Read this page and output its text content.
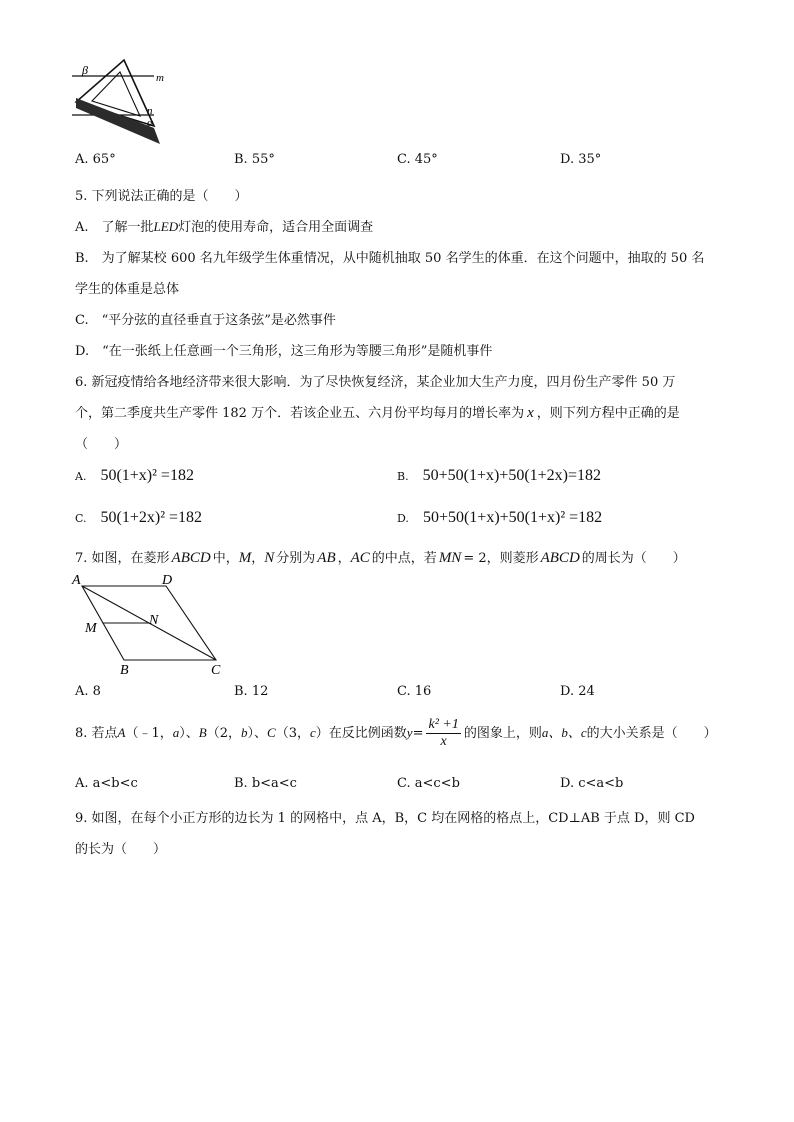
β
m
n
α
A. 65°	B. 55°	C. 45°	D. 35°
5. 下列说法正确的是（　　）
A.　了解一批LED灯泡的使用寿命，适合用全面调查
B.　为了解某校 600 名九年级学生体重情况，从中随机抽取 50 名学生的体重．在这个问题中，抽取的 50 名
学生的体重是总体
C.　“平分弦的直径垂直于这条弦”是必然事件
D.　“在一张纸上任意画一个三角形，这三角形为等腰三角形”是随机事件
6. 新冠疫情给各地经济带来很大影响．为了尽快恢复经济，某企业加大生产力度，四月份生产零件 50 万
个，第二季度共生产零件 182 万个．若该企业五、六月份平均每月的增长率为 x ，则下列方程中正确的是
（　　）
A. 50(1+x)² =182	B. 50+50(1+x)+50(1+2x)=182
C. 50(1+2x)² =182	D. 50+50(1+x)+50(1+x)² =182
7. 如图，在菱形 ABCD 中，M，N 分别为 AB ，AC 的中点，若 MN = 2，则菱形 ABCD 的周长为（　　）
A	D
M
N
B	C
A. 8	B. 12	C. 16	D. 24
8. 若点A（﹣1，a）、B（2，b）、C（3，c）在反比例函数$y= \frac{\text{k² +1}}{x}$ 的图象上，则a、b、c的大小关系是（　　）
A. a<b<c	B. b<a<c	C. a<c<b	D. c<a<b
9. 如图，在每个小正方形的边长为 1 的网格中，点 A，B，C 均在网格的格点上，CD⊥AB 于点 D，则 CD
的长为（　　）
